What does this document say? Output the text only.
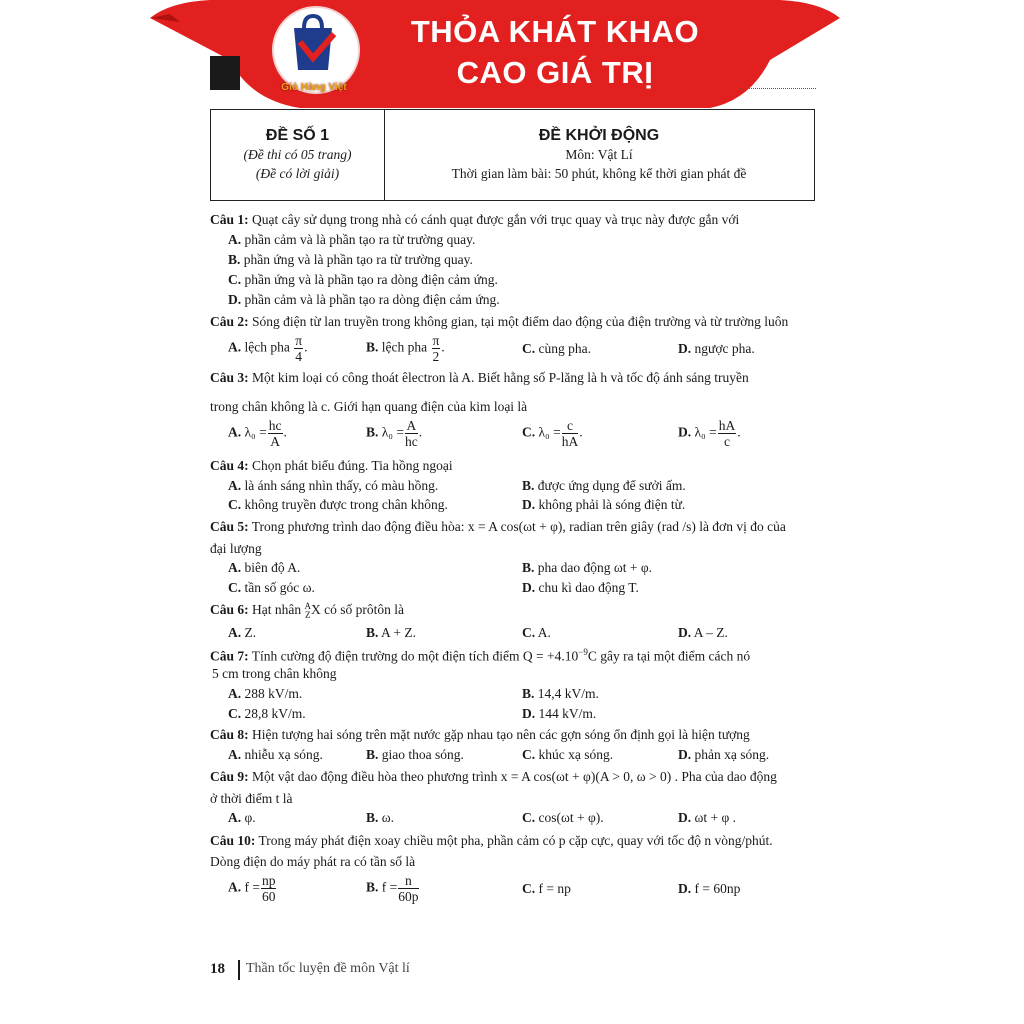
Giỏ Hàng Việt
THỎA KHÁT KHAO
CAO GIÁ TRỊ
ĐỀ SỐ 1
(Đề thi có 05 trang)
(Đề có lời giải)
ĐỀ KHỞI ĐỘNG
Môn: Vật Lí
Thời gian làm bài: 50 phút, không kể thời gian phát đề
Câu 1: Quạt cây sử dụng trong nhà có cánh quạt được gắn với trục quay và trục này được gắn với
A. phần cảm và là phần tạo ra từ trường quay.
B. phần ứng và là phần tạo ra từ trường quay.
C. phần ứng và là phần tạo ra dòng điện cảm ứng.
D. phần cảm và là phần tạo ra dòng điện cảm ứng.
Câu 2: Sóng điện từ lan truyền trong không gian, tại một điểm dao động của điện trường và từ trường luôn
A. lệch pha $\frac{\pi}{4}$ .	B. lệch pha $\frac{\pi}{2}$ .	C. cùng pha.	D. ngược pha.
Câu 3: Một kim loại có công thoát êlectron là A. Biết hằng số P-lăng là h và tốc độ ánh sáng truyền
trong chân không là c. Giới hạn quang điện của kim loại là
A. $\lambda_0 = \frac{hc}{A}$ .	B. $\lambda_0 = \frac{A}{hc}$ .	C. $\lambda_0 = \frac{c}{hA}$ .	D. $\lambda_0 = \frac{hA}{c}$ .
Câu 4: Chọn phát biểu đúng. Tia hồng ngoại
A. là ánh sáng nhìn thấy, có màu hồng.	B. được ứng dụng để sưởi ấm.
C. không truyền được trong chân không.	D. không phải là sóng điện từ.
Câu 5: Trong phương trình dao động điều hòa: x = A cos(ωt + φ), radian trên giây (rad /s) là đơn vị đo của
đại lượng
A. biên độ A.	B. pha dao động ωt + φ.
C. tần số góc ω.	D. chu kì dao động T.
Câu 6: Hạt nhân A
Z X có số prôtôn là
A. Z.	B. A + Z.	C. A.	D. A – Z.
Câu 7: Tính cường độ điện trường do một điện tích điểm $Q = +4.10^{-9}C$ gây ra tại một điểm cách nó
5 cm trong chân không
A. 288 kV/m.	B. 14,4 kV/m.
C. 28,8 kV/m.	D. 144 kV/m.
Câu 8: Hiện tượng hai sóng trên mặt nước gặp nhau tạo nên các gợn sóng ổn định gọi là hiện tượng
A. nhiễu xạ sóng.	B. giao thoa sóng.	C. khúc xạ sóng.	D. phản xạ sóng.
Câu 9: Một vật dao động điều hòa theo phương trình x = A cos(ωt + φ)(A > 0, ω > 0) . Pha của dao động
ở thời điểm t là
A. φ.	B. ω.	C. cos(ωt + φ).	D. ωt + φ .
Câu 10: Trong máy phát điện xoay chiều một pha, phần cảm có p cặp cực, quay với tốc độ n vòng/phút.
Dòng điện do máy phát ra có tần số là
A. $f = \frac{np}{60}$	B. $f = \frac{n}{60p}$	C. f = np	D. f = 60np
18 Thần tốc luyện đề môn Vật lí
